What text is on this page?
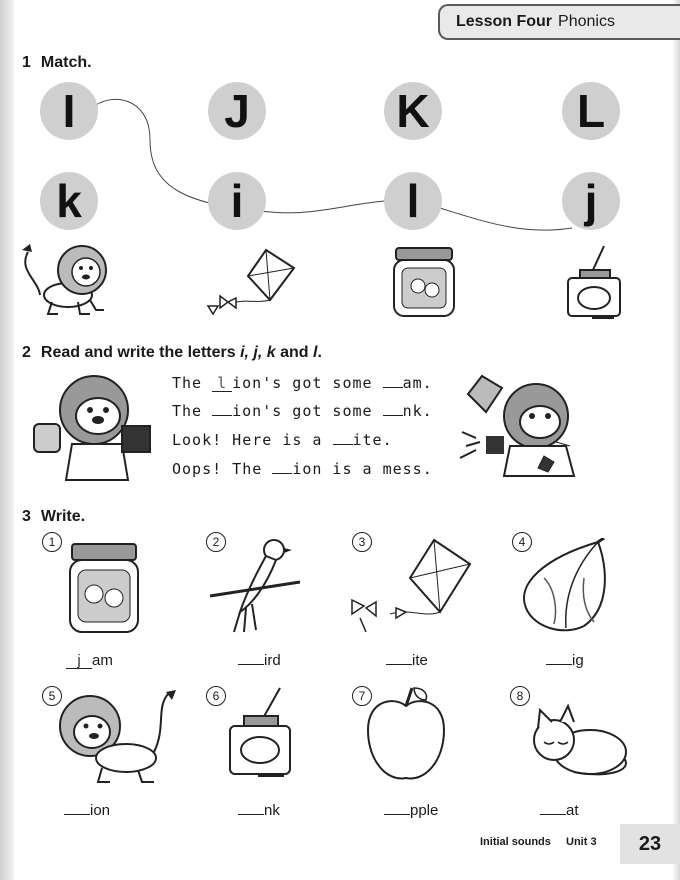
Lesson Four Phonics
1 Match.
I	J	K	L
k	i	l	j
2 Read and write the letters i, j, k and l.
The l ion's got some am.
The ion's got some nk.
Look! Here is a ite.
Oops! The ion is a mess.
3 Write.
1
j am
2
ird
3
ite
4
ig
5
ion
6
nk
7
pple
8
at
Initial sounds Unit 3	23
